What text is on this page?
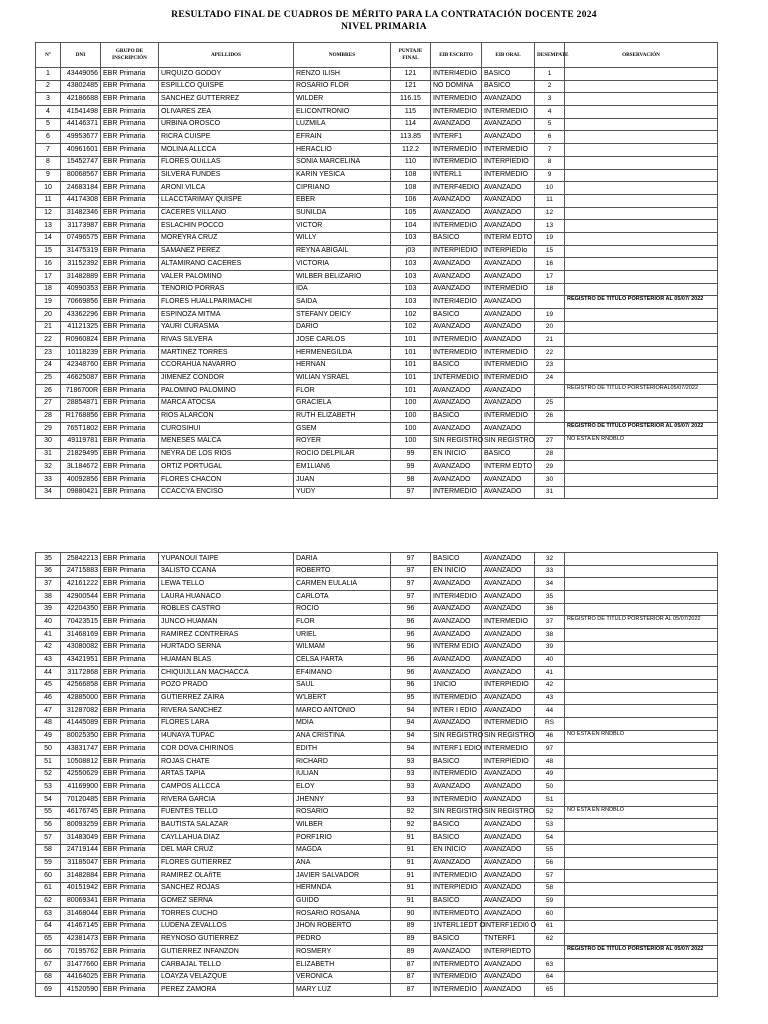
RESULTADO FINAL DE CUADROS DE MÉRITO PARA LA CONTRATACIÓN DOCENTE 2024
NIVEL PRIMARIA
N°	DNI	GRUPO DE INSCRIPCIÓN	APELLIDOS	NOMBRES	PUNTAJE FINAL	EIB ESCRITO	EIB ORAL	DESEMPATE	OBSERVACIÓN
1	43449056	EBR Primaria	URQUIZO GODOY	RENZO ILISH	121	INTERI4EDIO	BASICO	1	
2	43802485	EBR Primaria	ESPILLCO QUISPE	ROSARIO FLOR	121	NO DOMINA	BASICO	2	
3	42186688	EBR Primaria	SANCHEZ GUTTERREZ	WILDER	116.15	INTERMEDIO	AVANZADO	3	
4	41541498	EBR Primaria	OLIVARES ZEA	ELICONTRONIO	115	INTERMEDIO	INTERMEDIO	4	
5	44146371	EBR Primaria	URBINA OROSCO	LUZMILA	114	AVANZADO	AVANZADO	5	
6	49953677	EBR Primaria	RICRA CUISPE	EFRAIN	113.85	INTERF1	AVANZADO	6	
7	40961601	EBR Primaria	MOLINA ALLCCA	HERACLIO	112.2	INTERMEDIO	INTERMEDIO	7	
8	15452747	EBR Primaria	FLORES OUıLLAS	SONIA MARCELINA	110	INTERMEDIO	INTERPIEDIO	8	
9	80068567	EBR Primaria	SILVERA FUNDES	KARIN YESICA	108	INTERL1	INTERMEDIO	9	
10	24683184	EBR Primaria	ARONI VILCA	CIPRIANO	108	INTERF4EDIO	AVANZADO	10	
11	44174308	EBR Primaria	LLACCTARIMAY QUISPE	EBER	106	AVANZADO	AVANZADO	11	
12	31482346	EBR Primaria	CACERES VILLANO	SUNILDA	105	AVANZADO	AVANZADO	12	
13	31173987	EBR Primaria	ESLACHIN POCCO	VICTOR	104	INTERMEDIO	AVANZADO	13	
14	07496575	EBR Primaria	MOREYRA CRUZ	WILLY	103	BASICO	INTERM EDTO	19	
15	31475319	EBR Primaria	SAMANEZ PEREZ	REYNA ABIGAIL	j03	INTERPIEDIO	INTERPIEDIo	15	
16	31152392	EBR Primaria	ALTAMIRANO CACERES	VICTORIA	103	AVANZADO	AVANZADO	16	
17	31482889	EBR Primaria	VALER PALOMINO	WILBER BELIZARIO	103	AVANZADO	AVANZADO	17	
18	40990353	EBR Primaria	TENORIO PORRAS	IDA	103	AVANZADO	INTERMEDIO	18	
19	70669856	EBR Primaria	FLORES HUALLPARIMACHI	SAIDA	103	INTERI4EDIO	AVANZADO		REGISTRO DE TITULO PORSTERIOR AL 05/07/ 2022
20	43362296	EBR Primaria	ESPINOZA MITMA	STEFANY DEICY	102	BASICO	AVANZADO	19	
21	41121325	EBR Primaria	YAURI CURASMA	DARIO	102	AVANZADO	AVANZADO	20	
22	R0960824	EBR Primaria	RIVAS SILVERA	JOSE CARLOS	101	INTERMEDIO	AVANZADO	21	
23	10118239	EBR Primaria	MARTINEZ TORRES	HERMENEGILDA	101	INTERMEDIO	INTERMEDIO	22	
24	42348760	EBR Primaria	CCORAHUA NAVARRO	HERNAN	101	BASICO	INTERMEDIO	23	
25	46625087	EBR Primaria	JIMENEZ CONDOR	WILIAN YSRAEL	101	1NTERMEDIO	INTERMEDIO	24	
26	7186700R	EBR Primaria	PALOMINO PALOMINO	FLOR	101	AVANZADO	AVANZADO		REGISTRO DE TITULO PORSTERIORAL05/07/2022
27	28854871	EBR Primaria	MARCA ATOCSA	GRACIELA	100	AVANZADO	AVANZADO	25	
28	R1768856	EBR Primaria	RIOS ALARCON	RUTH ELIZABETH	100	BASICO	INTERMEDIO	26	
29	765T1802	EBR Primaria	CUROSIHUI	GSEM	100	AVANZADO	AVANZADO		REGISTRO DE TITULO PORSTERIOR AL 05/07/ 2022
30	49119781	EBR Primaria	MENESES MALCA	ROYER	100	SIN REGISTRO	SIN REGISTRO	27	NO ESTA EN RNDBLO
31	21829495	EBR Primaria	NEYRA DE LOS RIOS	ROCIO DELPILAR	99	EN INICIO	BASICO	28	
32	3L184672	EBR Primaria	ORTIZ PORTUGAL	EM1LIAN6	99	AVANZADO	INTERM EDTO	29	
33	40092856	EBR Primaria	FLORES CHACON	JUAN	98	AVANZADO	AVANZADO	30	
34	09880421	EBR Primaria	CCACCYA ENCISO	YUDY	97	INTERMEDIO	AVANZADO	31	
35	25842213	EBR Primaria	YUPANOUI TAIPE	DARIA	97	BASICO	AVANZADO	32	
36	24715883	EBR Primaria	3ALISTO CCANA	ROBERTO	97	EN INICIO	AVANZADO	33	
37	42161222	EBR Primaria	LEWA TELLO	CARMEN EULALIA	97	AVANZADO	AVANZADO	34	
38	42900544	EBR Primaria	LAURA HUANACO	CARLOTA	97	INTERI4EDIO	AVANZADO	35	
39	42204350	EBR Primaria	ROBLES CASTRO	ROCIO	96	AVANZADO	AVANZADO	36	
40	70423515	EBR Primaria	JUNCO HUAMAN	FLOR	96	AVANZADO	INTERMEDIO	37	REGISTRO DE TITULO PORSTERIOR AL 05/07/2022
41	31468169	EBR Primaria	RAMIREZ CONTRERAS	URIEL	96	AVANZADO	AVANZADO	38	
42	43080082	EBR Primaria	HURTADO SERNA	WILMAM	96	INTERM EDIO	AVANZADO	39	
43	43421951	EBR Primaria	HUAMAN BLAS	CELSA I²ARTA	96	AVANZADO	AVANZADO	40	
44	31172868	EBR Primaria	CHIQUIJLLAN MACHACCA	EF4IMANO	96	AVANZADO	AVANZADO	41	
45	42566858	EBR Primaria	POZO PRADO	SAUL	96	1NICIO	INTERPIEDIO	42	
46	42885000	EBR Primaria	GUTIERREZ ZAIRA	W'LBERT	95	INTERMEDIO	AVANZADO	43	
47	31287082	EBR Primaria	RIVERA SANCHEZ	MARCO ANTONIO	94	INTER I EDIO	AVANZADO	44	
48	41445089	EBR Primaria	FLORES LARA	MDIA	94	AVANZADO	INTERMEDIO	RS	
49	80025350	EBR Primaria	I4UNAYA TUPAC	ANA CRISTINA	94	SIN REGISTRO	SIN REGISTRO	46	NO ESTA EN RNDBLO
50	43831747	EBR Primaria	COR DOVA CHIRINOS	EDITH	94	INTERF1 EDIO	INTERMEDIO	97	
51	10508812	EBR Primaria	ROJAS CHATE	RICHARD	93	BASICO	INTERPIEDIO	48	
52	42550629	EBR Primaria	ARTAS TAPIA	IULIAN	93	INTERMEDIO	AVANZADO	49	
53	41169900	EBR Primaria	CAMPOS ALLCCA	ELOY	93	AVANZADO	AVANZADO	50	
54	70120485	EBR Primaria	RIVERA GARCIA	JHENNY	93	INTERMEDIO	AVANZADO	S1	
55	46176745	EBR Primaria	FUENTES TELLO	ROSARIO	92	SIN REGISTRO	SIN REGISTRO	52	NO ESTA EN RNDBLO
56	80093259	EBR Primaria	BAUTISTA SALAZAR	WILBER	92	BASICO	AVANZADO	53	
57	31483049	EBR Primaria	CAYLLAHUA DIAZ	PORF1RIO	91	BASICO	AVANZADO	54	
58	24719144	EBR Primaria	DEL MAR CRUZ	MAGDA	91	EN INICIO	AVANZADO	55	
59	31185047	EBR Primaria	FLORES GUTIERREZ	ANA	91	AVANZADO	AVANZADO	56	
60	31482884	EBR Primaria	RAMIREZ OLAñTE	JAVIER SALVADOR	91	INTERMEDIO	AVANZADO	57	
61	40151942	EBR Primaria	SANCHEZ ROJAS	HERMNDA	91	INTERPIEDIO	AVANZADO	58	
62	80069341	EBR Primaria	GOMEZ SERNA	GUIDO	91	BASICO	AVANZADO	59	
63	31468044	EBR Primaria	TORRES CUCHO	ROSARIO ROSANA	90	INTERMEDTO	AVANZADO	60	
64	41467145	EBR Primaria	LUDENA ZEVALLOS	JHON ROBERTO	89	1NTERL1EDT O	INTERF1EDI0 O	61	
65	42381473	EBR Primaria	REYNOSO GUTIERREZ	PEDRO	89	BASICO	TNTERF1	62	
66	70195762	EBR Primaria	GUTIERREZ INFANZON	ROSMERY	89	AVANZADO	INTERPIEDTO		REGISTRO DE TITULO PORSTERIOR AL 05/07/ 2022
67	31477660	EBR Primaria	CARBAJAL TELLO	ELIZABETH	87	INTERMEDTO	AVANZADO	63	
68	44164025	EBR Primaria	LOAYZA VELAZQUE	VERONICA	87	INTERMEDIO	AVANZADO	64	
69	41520590	EBR Primaria	PEREZ ZAMORA	MARY LUZ	87	INTERMEDIO	AVANZADO	65	
